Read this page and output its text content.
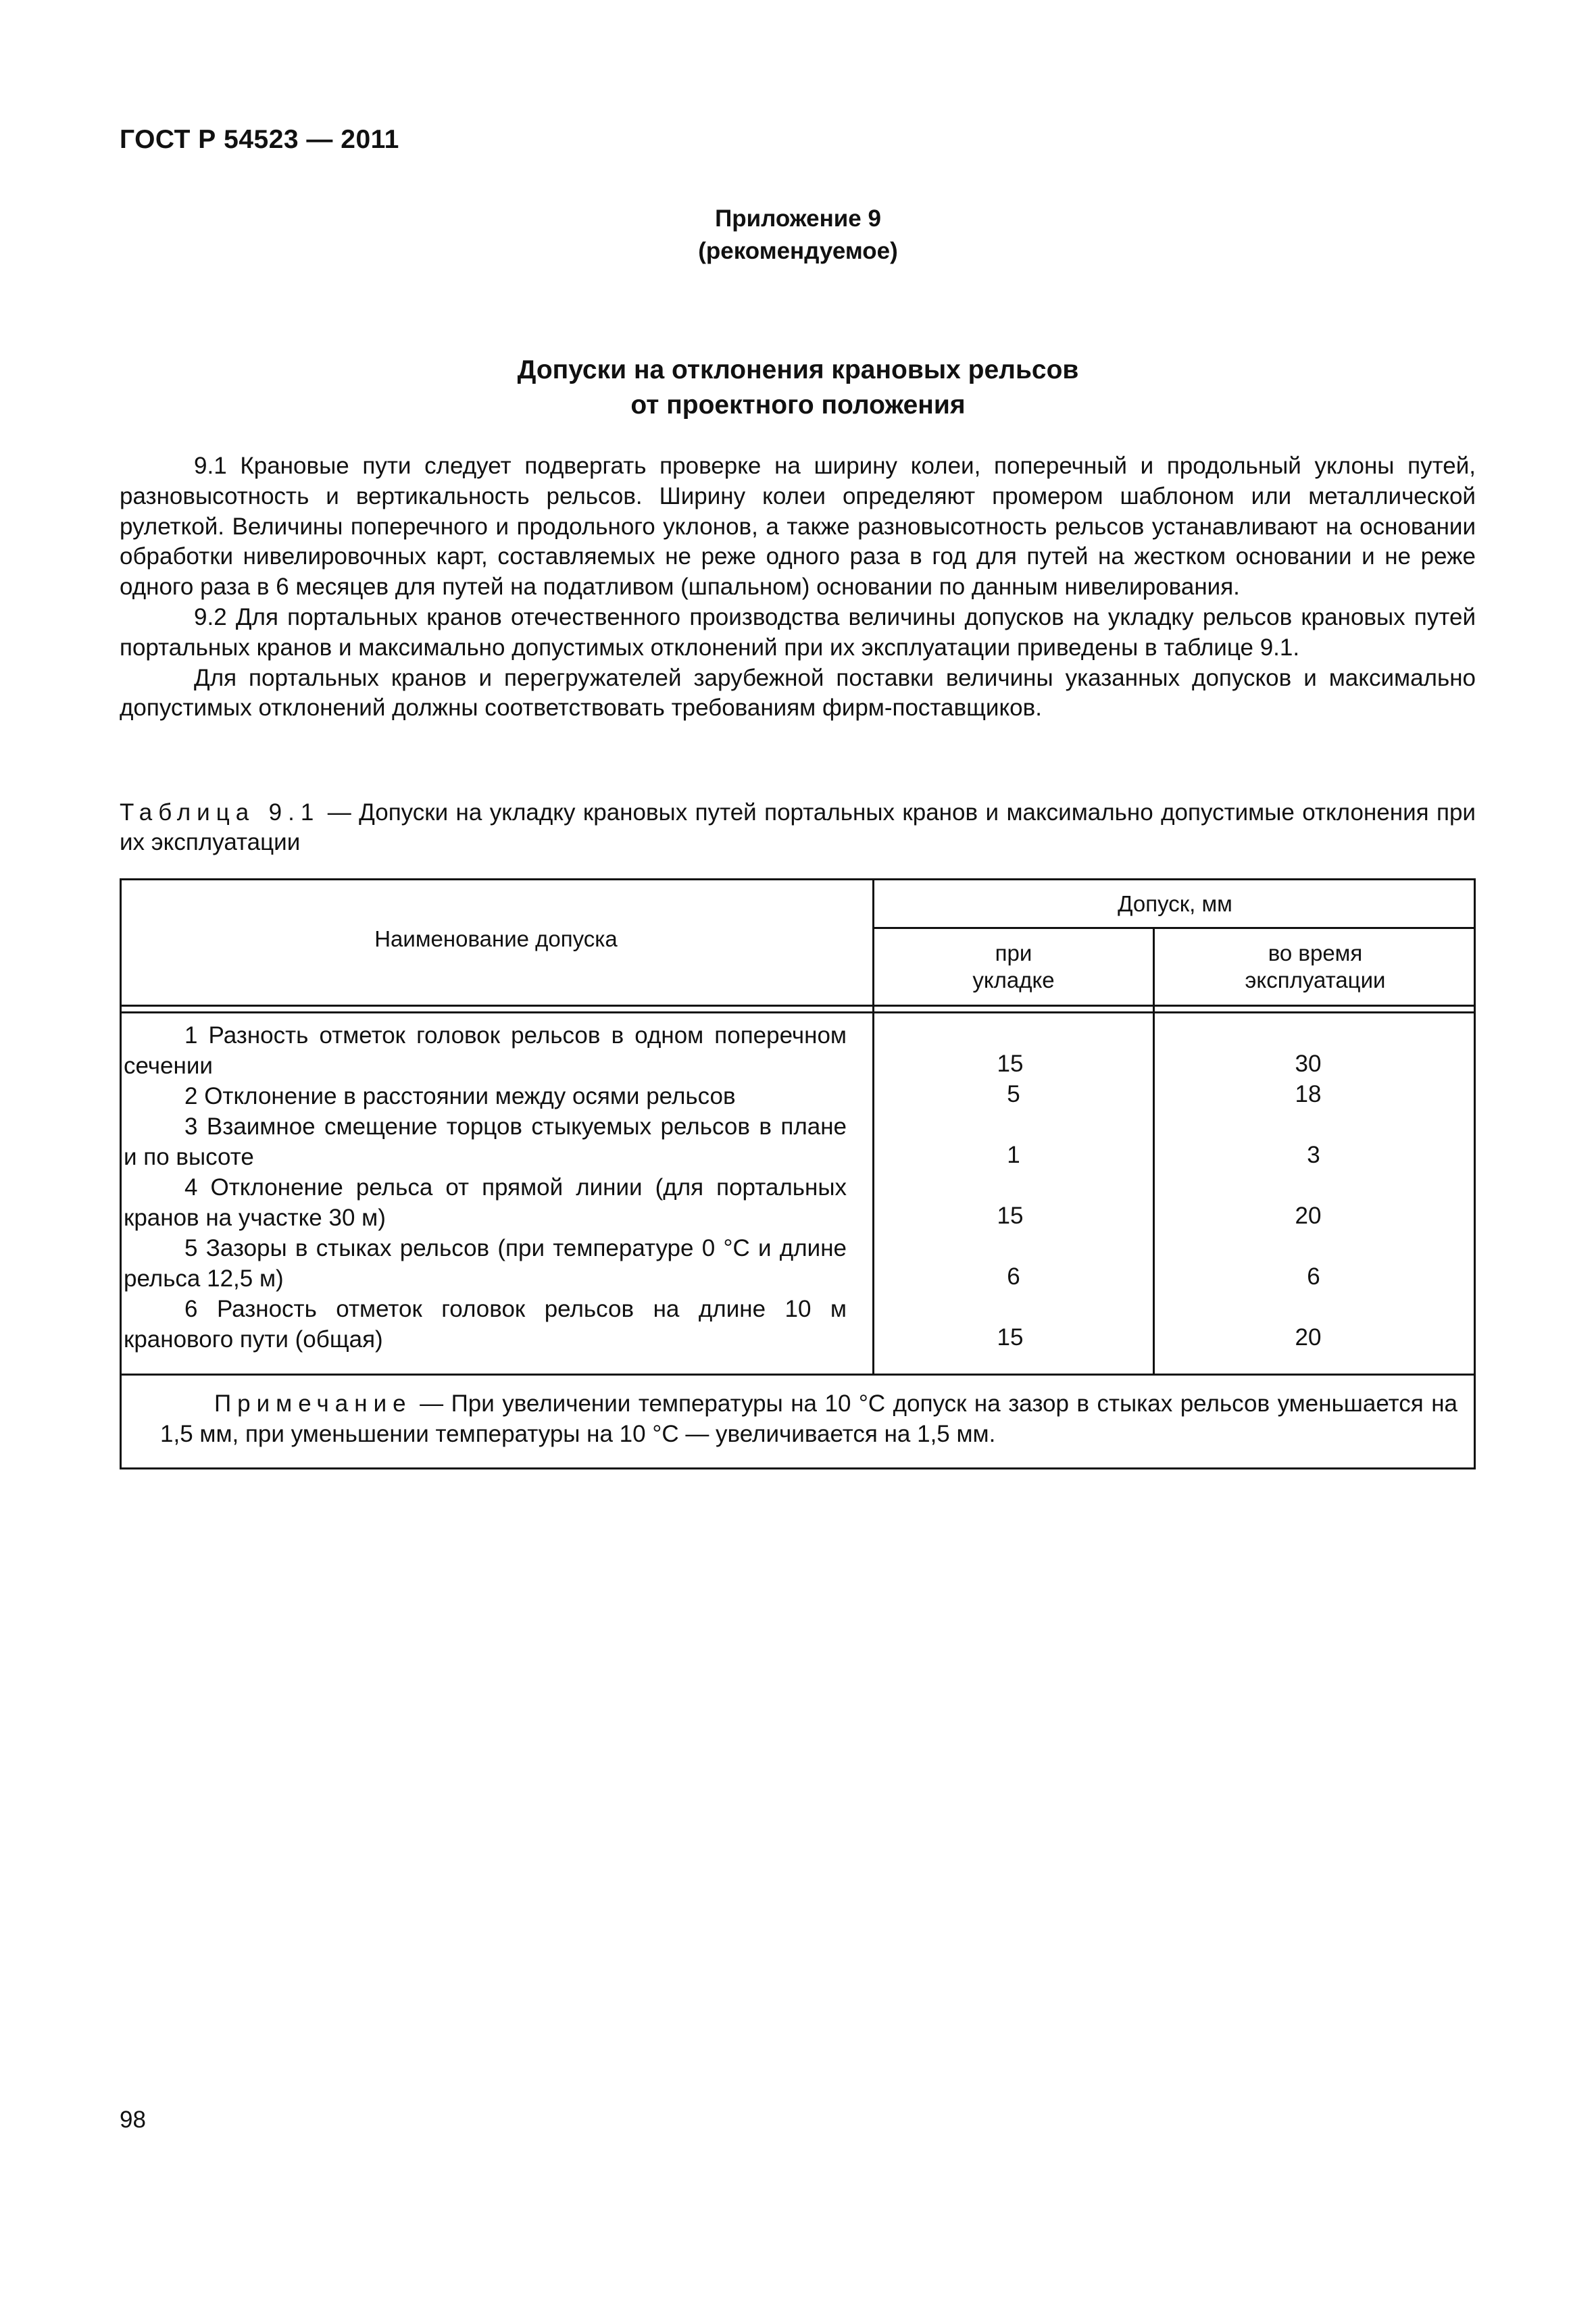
ГОСТ Р 54523 — 2011
Приложение 9
(рекомендуемое)
Допуски на отклонения крановых рельсов
от проектного положения

9.1 Крановые пути следует подвергать проверке на ширину колеи, поперечный и продольный уклоны путей, разновысотность и вертикальность рельсов. Ширину колеи определяют промером шаблоном или металлической рулеткой. Величины поперечного и продольного уклонов, а также разновысотность рельсов устанавливают на основании обработки нивелировочных карт, составляемых не реже одного раза в год для путей на жестком основании и не реже одного раза в 6 месяцев для путей на податливом (шпальном) основании по данным нивелирования.

9.2 Для портальных кранов отечественного производства величины допусков на укладку рельсов крановых путей портальных кранов и максимально допустимых отклонений при их эксплуатации приведены в таблице 9.1.

Для портальных кранов и перегружателей зарубежной поставки величины указанных допусков и максимально допустимых отклонений должны соответствовать требованиям фирм-поставщиков.

Таблица 9.1 — Допуски на укладку крановых путей портальных кранов и максимально допустимые отклонения при их эксплуатации
Наименование допуска
Допуск, мм
при
укладке
во время
эксплуатации
1 Разность отметок головок рельсов в одном поперечном сечении
2 Отклонение в расстоянии между осями рельсов
3 Взаимное смещение торцов стыкуемых рельсов в плане и по высоте
4 Отклонение рельса от прямой линии (для портальных кранов на участке 30 м)
5 Зазоры в стыках рельсов (при температуре 0 °С и длине рельса 12,5 м)
6 Разность отметок головок рельсов на длине 10 м кранового пути (общая)
15
5
1
15
6
15
30
18
3
20
6
20
Примечание — При увеличении температуры на 10 °С допуск на зазор в стыках рельсов уменьшается на 1,5 мм, при уменьшении температуры на 10 °С — увеличивается на 1,5 мм.
98
